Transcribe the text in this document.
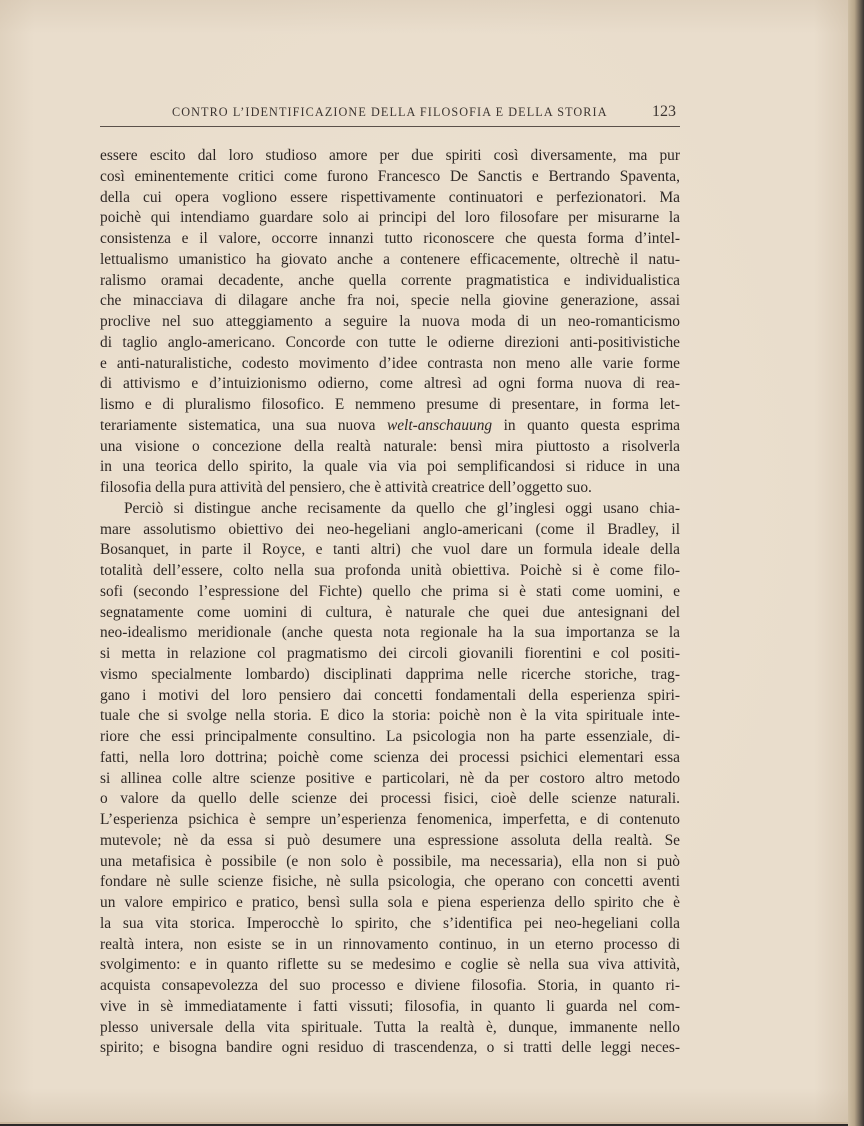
CONTRO L’IDENTIFICAZIONE DELLA FILOSOFIA E DELLA STORIA	123
essere escito dal loro studioso amore per due spiriti così diversamente, ma pur
così eminentemente critici come furono Francesco De Sanctis e Bertrando Spaventa,
della cui opera vogliono essere rispettivamente continuatori e perfezionatori. Ma
poichè qui intendiamo guardare solo ai principi del loro filosofare per misurarne la
consistenza e il valore, occorre innanzi tutto riconoscere che questa forma d’intel-
lettualismo umanistico ha giovato anche a contenere efficacemente, oltrechè il natu-
ralismo oramai decadente, anche quella corrente pragmatistica e individualistica
che minacciava di dilagare anche fra noi, specie nella giovine generazione, assai
proclive nel suo atteggiamento a seguire la nuova moda di un neo-romanticismo
di taglio anglo-americano. Concorde con tutte le odierne direzioni anti-positivistiche
e anti-naturalistiche, codesto movimento d’idee contrasta non meno alle varie forme
di attivismo e d’intuizionismo odierno, come altresì ad ogni forma nuova di rea-
lismo e di pluralismo filosofico. E nemmeno presume di presentare, in forma let-
terariamente sistematica, una sua nuova welt-anschauung in quanto questa esprima
una visione o concezione della realtà naturale: bensì mira piuttosto a risolverla
in una teorica dello spirito, la quale via via poi semplificandosi si riduce in una
filosofia della pura attività del pensiero, che è attività creatrice dell’oggetto suo.
Perciò si distingue anche recisamente da quello che gl’inglesi oggi usano chia-
mare assolutismo obiettivo dei neo-hegeliani anglo-americani (come il Bradley, il
Bosanquet, in parte il Royce, e tanti altri) che vuol dare un formula ideale della
totalità dell’essere, colto nella sua profonda unità obiettiva. Poichè si è come filo-
sofi (secondo l’espressione del Fichte) quello che prima si è stati come uomini, e
segnatamente come uomini di cultura, è naturale che quei due antesignani del
neo-idealismo meridionale (anche questa nota regionale ha la sua importanza se la
si metta in relazione col pragmatismo dei circoli giovanili fiorentini e col positi-
vismo specialmente lombardo) disciplinati dapprima nelle ricerche storiche, trag-
gano i motivi del loro pensiero dai concetti fondamentali della esperienza spiri-
tuale che si svolge nella storia. E dico la storia: poichè non è la vita spirituale inte-
riore che essi principalmente consultino. La psicologia non ha parte essenziale, di-
fatti, nella loro dottrina; poichè come scienza dei processi psichici elementari essa
si allinea colle altre scienze positive e particolari, nè da per costoro altro metodo
o valore da quello delle scienze dei processi fisici, cioè delle scienze naturali.
L’esperienza psichica è sempre un’esperienza fenomenica, imperfetta, e di contenuto
mutevole; nè da essa si può desumere una espressione assoluta della realtà. Se
una metafisica è possibile (e non solo è possibile, ma necessaria), ella non si può
fondare nè sulle scienze fisiche, nè sulla psicologia, che operano con concetti aventi
un valore empirico e pratico, bensì sulla sola e piena esperienza dello spirito che è
la sua vita storica. Imperocchè lo spirito, che s’identifica pei neo-hegeliani colla
realtà intera, non esiste se in un rinnovamento continuo, in un eterno processo di
svolgimento: e in quanto riflette su se medesimo e coglie sè nella sua viva attività,
acquista consapevolezza del suo processo e diviene filosofia. Storia, in quanto ri-
vive in sè immediatamente i fatti vissuti; filosofia, in quanto li guarda nel com-
plesso universale della vita spirituale. Tutta la realtà è, dunque, immanente nello
spirito; e bisogna bandire ogni residuo di trascendenza, o si tratti delle leggi neces-
